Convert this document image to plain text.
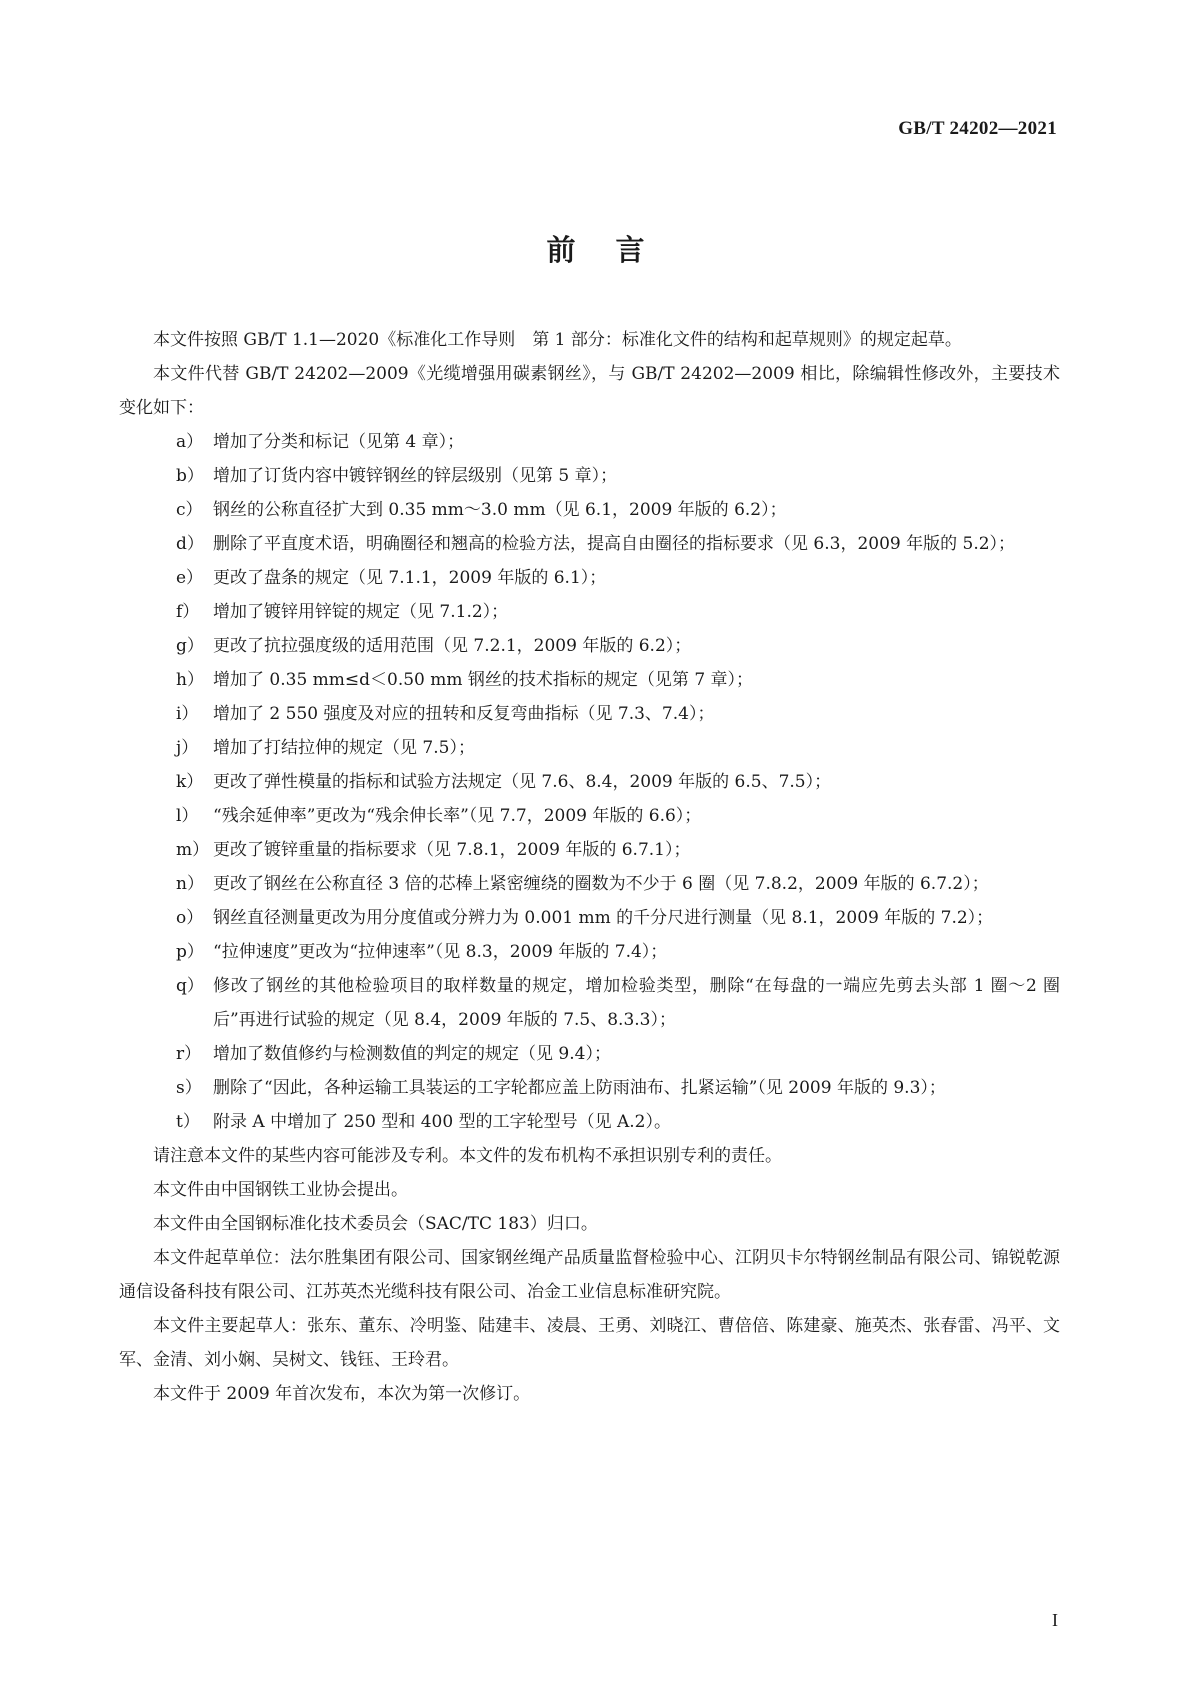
GB/T 24202—2021
前言

本文件按照 GB/T 1.1—2020《标准化工作导则　第 1 部分：标准化文件的结构和起草规则》的规定起草。

本文件代替 GB/T 24202—2009《光缆增强用碳素钢丝》，与 GB/T 24202—2009 相比，除编辑性修改外，主要技术变化如下：

a） 增加了分类和标记（见第 4 章）；
b） 增加了订货内容中镀锌钢丝的锌层级别（见第 5 章）；
c） 钢丝的公称直径扩大到 0.35 mm～3.0 mm（见 6.1，2009 年版的 6.2）；
d） 删除了平直度术语，明确圈径和翘高的检验方法，提高自由圈径的指标要求（见 6.3，2009 年版的 5.2）；
e） 更改了盘条的规定（见 7.1.1，2009 年版的 6.1）；
f） 增加了镀锌用锌锭的规定（见 7.1.2）；
g） 更改了抗拉强度级的适用范围（见 7.2.1，2009 年版的 6.2）；
h） 增加了 0.35 mm≤d＜0.50 mm 钢丝的技术指标的规定（见第 7 章）；
i） 增加了 2 550 强度及对应的扭转和反复弯曲指标（见 7.3、7.4）；
j） 增加了打结拉伸的规定（见 7.5）；
k） 更改了弹性模量的指标和试验方法规定（见 7.6、8.4，2009 年版的 6.5、7.5）；
l） “残余延伸率”更改为“残余伸长率”（见 7.7，2009 年版的 6.6）；
m） 更改了镀锌重量的指标要求（见 7.8.1，2009 年版的 6.7.1）；
n） 更改了钢丝在公称直径 3 倍的芯棒上紧密缠绕的圈数为不少于 6 圈（见 7.8.2，2009 年版的 6.7.2）；
o） 钢丝直径测量更改为用分度值或分辨力为 0.001 mm 的千分尺进行测量（见 8.1，2009 年版的 7.2）；
p） “拉伸速度”更改为“拉伸速率”（见 8.3，2009 年版的 7.4）；
q） 修改了钢丝的其他检验项目的取样数量的规定，增加检验类型，删除“在每盘的一端应先剪去头部 1 圈～2 圈后”再进行试验的规定（见 8.4，2009 年版的 7.5、8.3.3）；
r） 增加了数值修约与检测数值的判定的规定（见 9.4）；
s） 删除了“因此，各种运输工具装运的工字轮都应盖上防雨油布、扎紧运输”（见 2009 年版的 9.3）；
t） 附录 A 中增加了 250 型和 400 型的工字轮型号（见 A.2）。

请注意本文件的某些内容可能涉及专利。本文件的发布机构不承担识别专利的责任。

本文件由中国钢铁工业协会提出。

本文件由全国钢标准化技术委员会（SAC/TC 183）归口。

本文件起草单位：法尔胜集团有限公司、国家钢丝绳产品质量监督检验中心、江阴贝卡尔特钢丝制品有限公司、锦锐乾源通信设备科技有限公司、江苏英杰光缆科技有限公司、冶金工业信息标准研究院。

本文件主要起草人：张东、董东、冷明鉴、陆建丰、凌晨、王勇、刘晓江、曹倍倍、陈建豪、施英杰、张春雷、冯平、文军、金清、刘小娴、吴树文、钱钰、王玲君。

本文件于 2009 年首次发布，本次为第一次修订。

I
